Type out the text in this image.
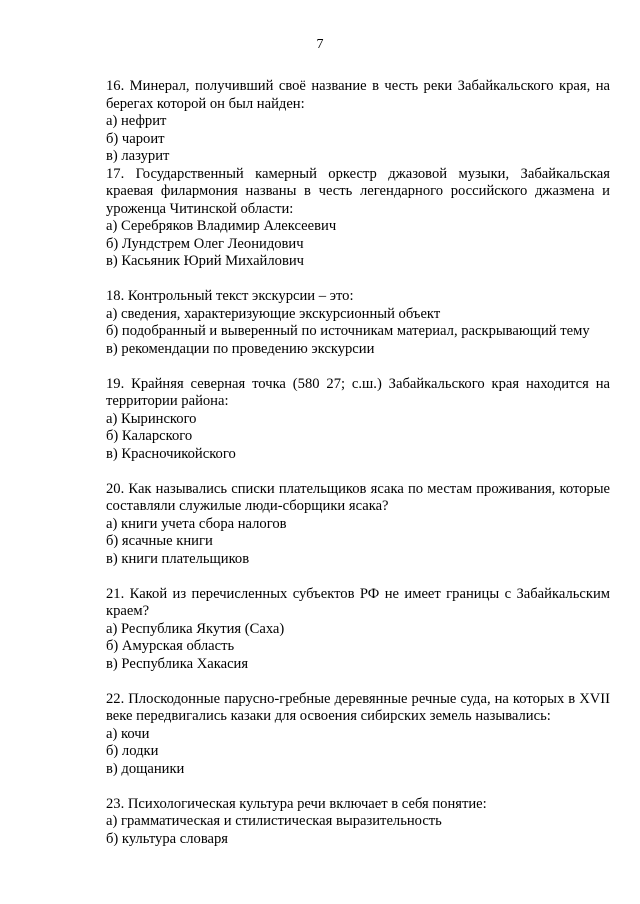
7

16. Минерал, получивший своё название в честь реки Забайкальского края, на берегах которой он был найден:

а) нефрит
б) чароит
в) лазурит

17. Государственный камерный оркестр джазовой музыки, Забайкальская краевая филармония названы в честь легендарного российского джазмена и уроженца Читинской области:

а) Серебряков Владимир Алексеевич
б) Лундстрем Олег Леонидович
в) Касьяник Юрий Михайлович

18. Контрольный текст экскурсии – это:

а) сведения, характеризующие экскурсионный объект
б) подобранный и выверенный по источникам материал, раскрывающий тему
в) рекомендации по проведению экскурсии

19. Крайняя северная точка (580 27; с.ш.) Забайкальского края находится на территории района:

а) Кыринского
б) Каларского
в) Красночикойского

20. Как назывались списки плательщиков ясака по местам проживания, которые составляли служилые люди-сборщики ясака?

а) книги учета сбора налогов
б) ясачные книги
в) книги плательщиков

21. Какой из перечисленных субъектов РФ не имеет границы с Забайкальским краем?

а) Республика Якутия (Саха)
б) Амурская область
в) Республика Хакасия

22. Плоскодонные парусно-гребные деревянные речные суда, на которых в XVII веке передвигались казаки для освоения сибирских земель назывались:

а) кочи
б) лодки
в) дощаники

23. Психологическая культура речи включает в себя понятие:

а) грамматическая и стилистическая выразительность
б) культура словаря
